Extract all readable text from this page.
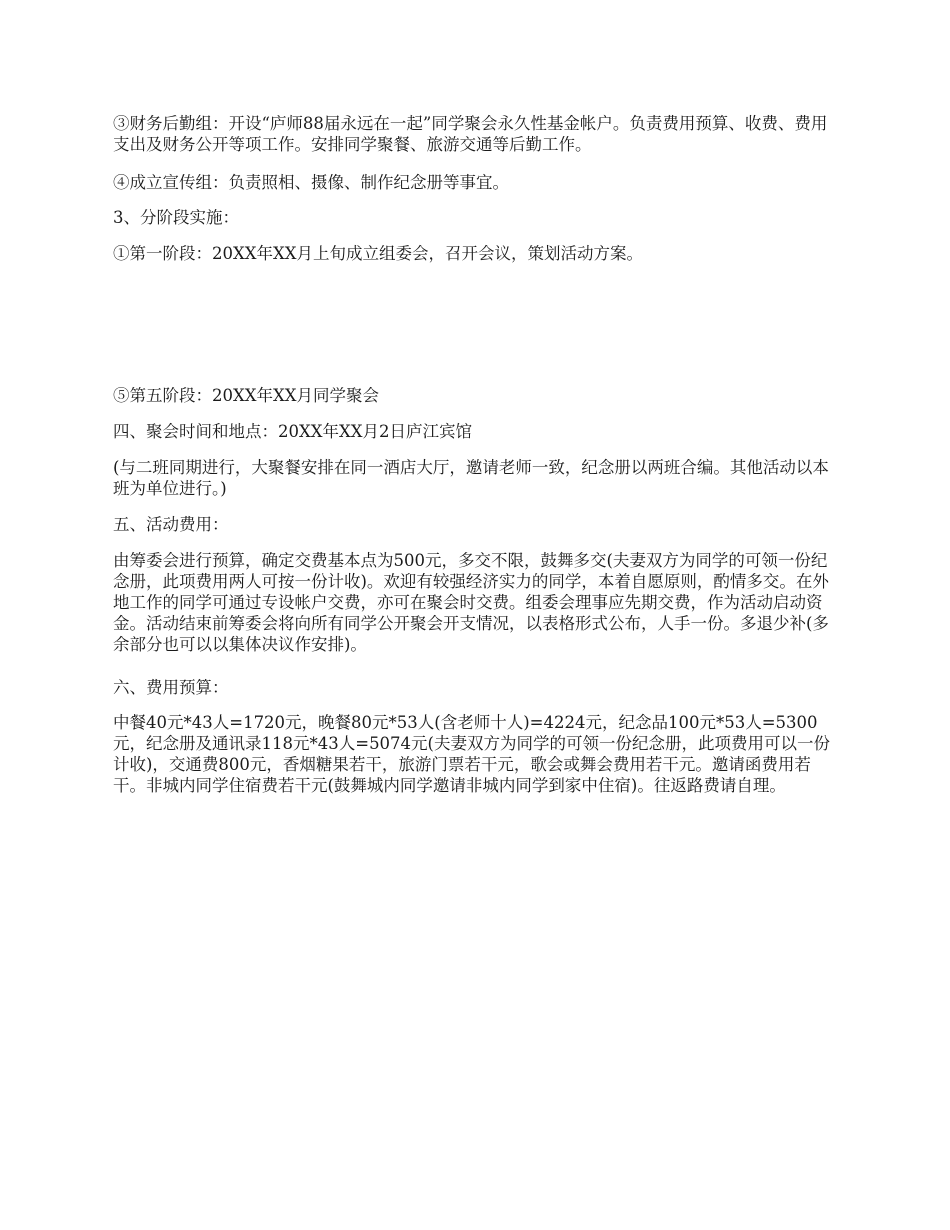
③财务后勤组：开设“庐师88届永远在一起”同学聚会永久性基金帐户。负责费用预算、收费、费用支出及财务公开等项工作。安排同学聚餐、旅游交通等后勤工作。

④成立宣传组：负责照相、摄像、制作纪念册等事宜。

3、分阶段实施：

①第一阶段：20XX年XX月上旬成立组委会，召开会议，策划活动方案。

⑤第五阶段：20XX年XX月同学聚会

四、聚会时间和地点：20XX年XX月2日庐江宾馆

(与二班同期进行，大聚餐安排在同一酒店大厅，邀请老师一致，纪念册以两班合编。其他活动以本班为单位进行。)

五、活动费用：

由筹委会进行预算，确定交费基本点为500元，多交不限，鼓舞多交(夫妻双方为同学的可领一份纪念册，此项费用两人可按一份计收)。欢迎有较强经济实力的同学，本着自愿原则，酌情多交。在外地工作的同学可通过专设帐户交费，亦可在聚会时交费。组委会理事应先期交费，作为活动启动资金。活动结束前筹委会将向所有同学公开聚会开支情况，以表格形式公布，人手一份。多退少补(多余部分也可以以集体决议作安排)。

六、费用预算：

中餐40元*43人=1720元，晚餐80元*53人(含老师十人)=4224元，纪念品100元*53人=5300元，纪念册及通讯录118元*43人=5074元(夫妻双方为同学的可领一份纪念册，此项费用可以一份计收)，交通费800元，香烟糖果若干，旅游门票若干元，歌会或舞会费用若干元。邀请函费用若干。非城内同学住宿费若干元(鼓舞城内同学邀请非城内同学到家中住宿)。往返路费请自理。
